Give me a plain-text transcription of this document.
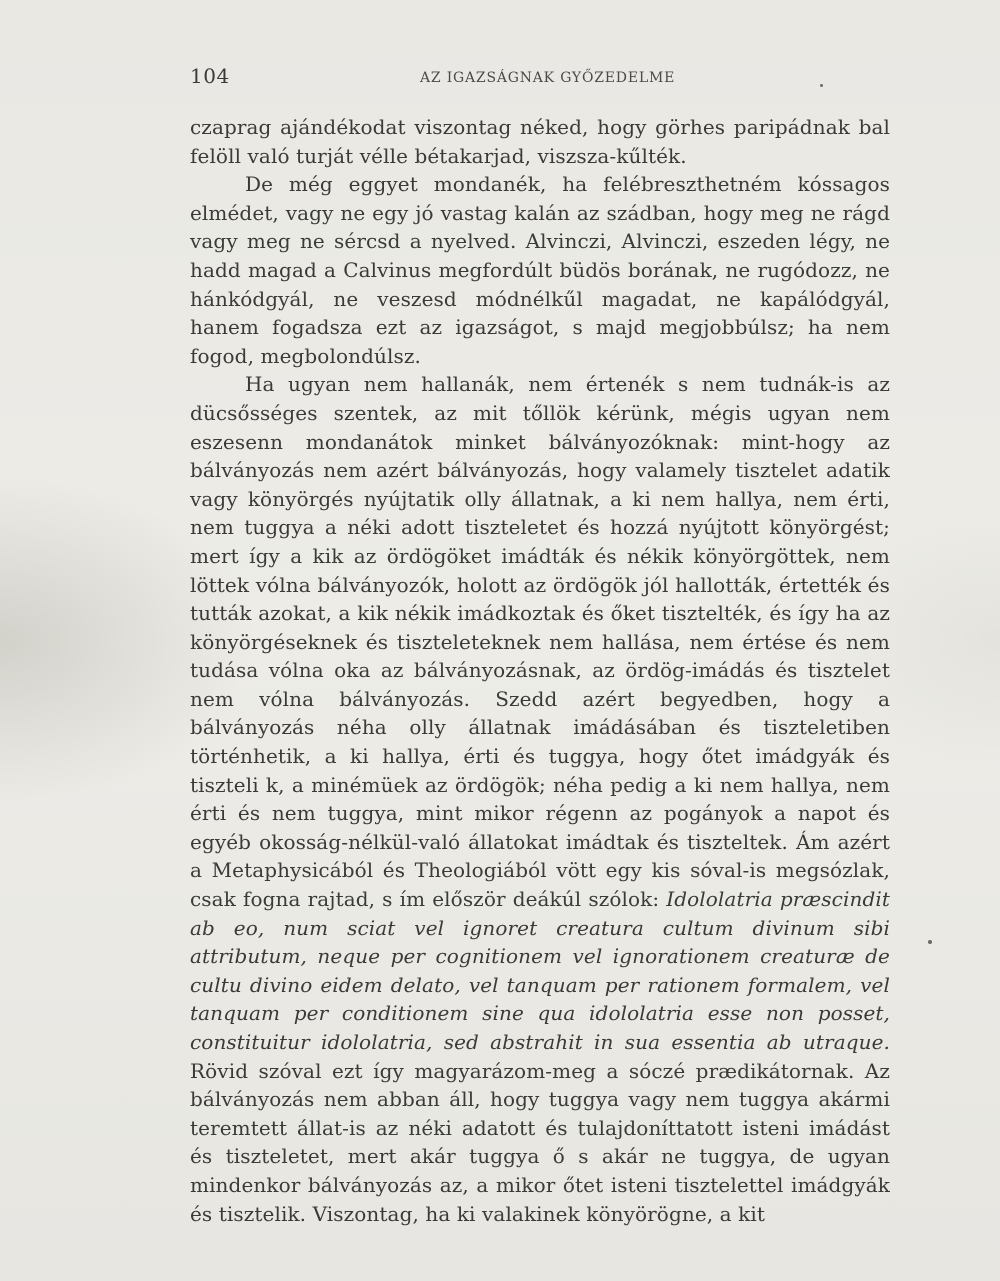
104	AZ IGAZSÁGNAK GYŐZEDELME

czaprag ajándékodat viszontag néked, hogy görhes paripádnak bal felöll való turját vélle bétakarjad, viszsza-kűlték.

De még eggyet mondanék, ha felébreszthetném kóssagos elmédet, vagy ne egy jó vastag kalán az szádban, hogy meg ne rágd vagy meg ne sércsd a nyelved. Alvinczi, Alvinczi, eszeden légy, ne hadd magad a Calvinus megfordúlt büdös borának, ne rugódozz, ne hánkódgyál, ne veszesd módnélkűl magadat, ne kapálódgyál, hanem fogadsza ezt az igazságot, s majd megjobbúlsz; ha nem fogod, megbolondúlsz.

Ha ugyan nem hallanák, nem értenék s nem tudnák-is az dücsősséges szentek, az mit tőllök kérünk, mégis ugyan nem eszesenn mondanátok minket bálványozóknak: mint-hogy az bálványozás nem azért bálványozás, hogy valamely tisztelet adatik vagy könyörgés nyújtatik olly állatnak, a ki nem hallya, nem érti, nem tuggya a néki adott tiszteletet és hozzá nyújtott könyörgést; mert így a kik az ördögöket imádták és nékik könyörgöttek, nem löttek vólna bálványozók, holott az ördögök jól hallották, értették és tutták azokat, a kik nékik imádkoztak és őket tisztelték, és így ha az könyörgéseknek és tiszteleteknek nem hallása, nem értése és nem tudása vólna oka az bálványozásnak, az ördög-imádás és tisztelet nem vólna bálványozás. Szedd azért begyedben, hogy a bálványozás néha olly állatnak imádásában és tiszteletiben történhetik, a ki hallya, érti és tuggya, hogy őtet imádgyák és tiszteli k, a minémüek az ördögök; néha pedig a ki nem hallya, nem érti és nem tuggya, mint mikor régenn az pogányok a napot és egyéb okosság-nélkül-való állatokat imádtak és tiszteltek. Ám azért a Metaphysicából és Theologiából vött egy kis sóval-is megsózlak, csak fogna rajtad, s ím először deákúl szólok: Idololatria præscindit ab eo, num sciat vel ignoret creatura cultum divinum sibi attributum, neque per cognitionem vel ignorationem creaturæ de cultu divino eidem delato, vel tanquam per rationem formalem, vel tanquam per conditionem sine qua idololatria esse non posset, constituitur idololatria, sed abstrahit in sua essentia ab utraque. Rövid szóval ezt így magyarázom-meg a sóczé prædikátornak. Az bálványozás nem abban áll, hogy tuggya vagy nem tuggya akármi teremtett állat-is az néki adatott és tulajdoníttatott isteni imádást és tiszteletet, mert akár tuggya ő s akár ne tuggya, de ugyan mindenkor bálványozás az, a mikor őtet isteni tisztelettel imádgyák és tisztelik. Viszontag, ha ki valakinek könyörögne, a kit
